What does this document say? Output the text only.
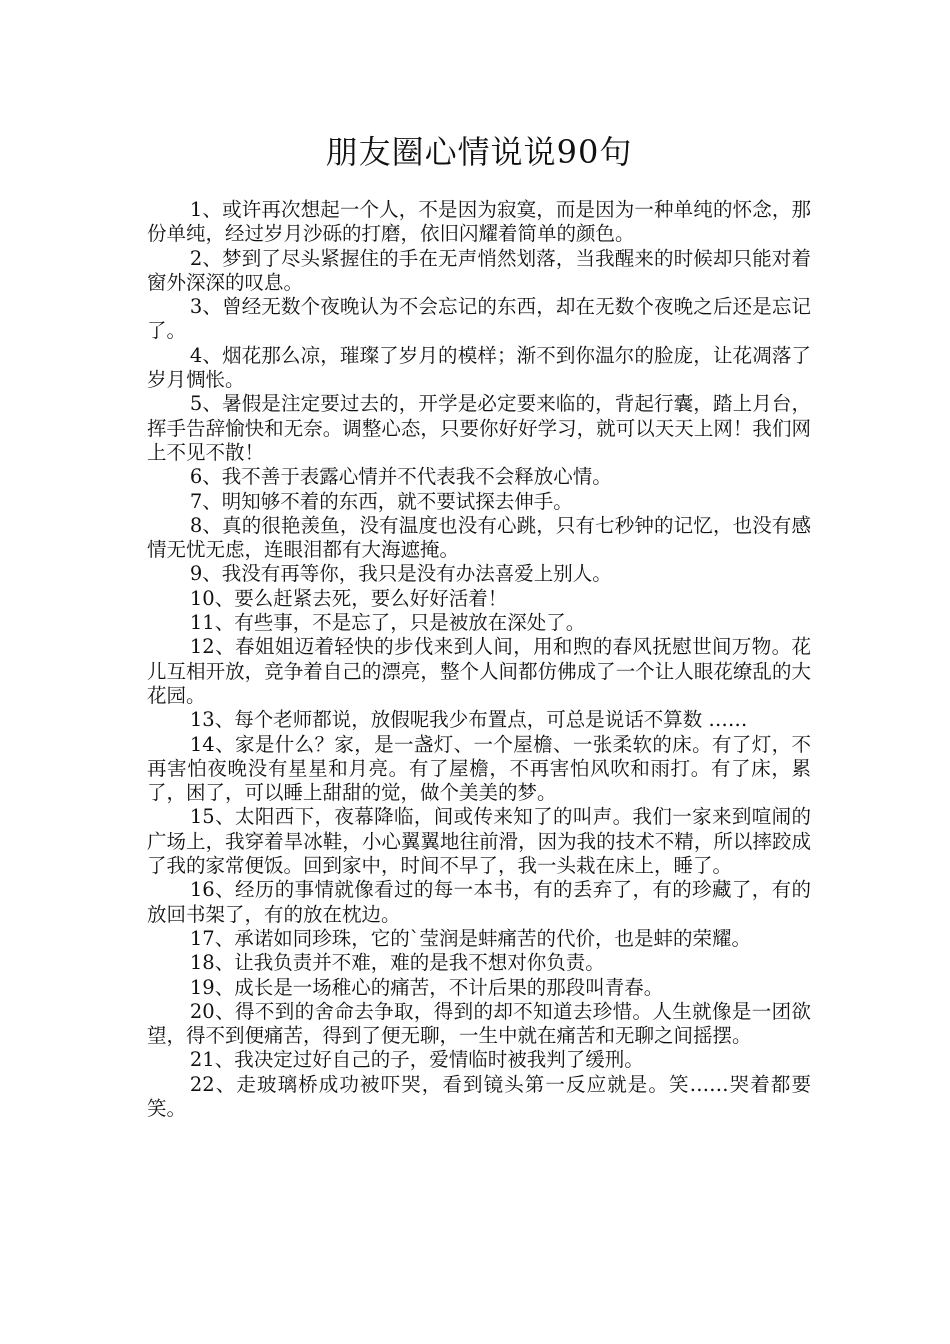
朋友圈心情说说90句

1、或许再次想起一个人，不是因为寂寞，而是因为一种单纯的怀念，那份单纯，经过岁月沙砾的打磨，依旧闪耀着简单的颜色。

2、梦到了尽头紧握住的手在无声悄然划落，当我醒来的时候却只能对着窗外深深的叹息。

3、曾经无数个夜晚认为不会忘记的东西，却在无数个夜晚之后还是忘记了。

4、烟花那么凉，璀璨了岁月的模样；渐不到你温尔的脸庞，让花凋落了岁月惆怅。

5、暑假是注定要过去的，开学是必定要来临的，背起行囊，踏上月台，挥手告辞愉快和无奈。调整心态，只要你好好学习，就可以天天上网！我们网上不见不散！

6、我不善于表露心情并不代表我不会释放心情。

7、明知够不着的东西，就不要试探去伸手。

8、真的很艳羡鱼，没有温度也没有心跳，只有七秒钟的记忆，也没有感情无忧无虑，连眼泪都有大海遮掩。

9、我没有再等你，我只是没有办法喜爱上别人。

10、要么赶紧去死，要么好好活着！

11、有些事，不是忘了，只是被放在深处了。

12、春姐姐迈着轻快的步伐来到人间，用和煦的春风抚慰世间万物。花儿互相开放，竞争着自己的漂亮，整个人间都仿佛成了一个让人眼花缭乱的大花园。

13、每个老师都说，放假呢我少布置点，可总是说话不算数 ……

14、家是什么？家，是一盏灯、一个屋檐、一张柔软的床。有了灯，不再害怕夜晚没有星星和月亮。有了屋檐，不再害怕风吹和雨打。有了床，累了，困了，可以睡上甜甜的觉，做个美美的梦。

15、太阳西下，夜幕降临，间或传来知了的叫声。我们一家来到喧闹的广场上，我穿着旱冰鞋，小心翼翼地往前滑，因为我的技术不精，所以摔跤成了我的家常便饭。回到家中，时间不早了，我一头栽在床上，睡了。

16、经历的事情就像看过的每一本书，有的丢弃了，有的珍藏了，有的放回书架了，有的放在枕边。

17、承诺如同珍珠，它的`莹润是蚌痛苦的代价，也是蚌的荣耀。

18、让我负责并不难，难的是我不想对你负责。

19、成长是一场稚心的痛苦，不计后果的那段叫青春。

20、得不到的舍命去争取，得到的却不知道去珍惜。人生就像是一团欲望，得不到便痛苦，得到了便无聊，一生中就在痛苦和无聊之间摇摆。

21、我决定过好自己的子，爱情临时被我判了缓刑。

22、走玻璃桥成功被吓哭，看到镜头第一反应就是。笑……哭着都要笑。
